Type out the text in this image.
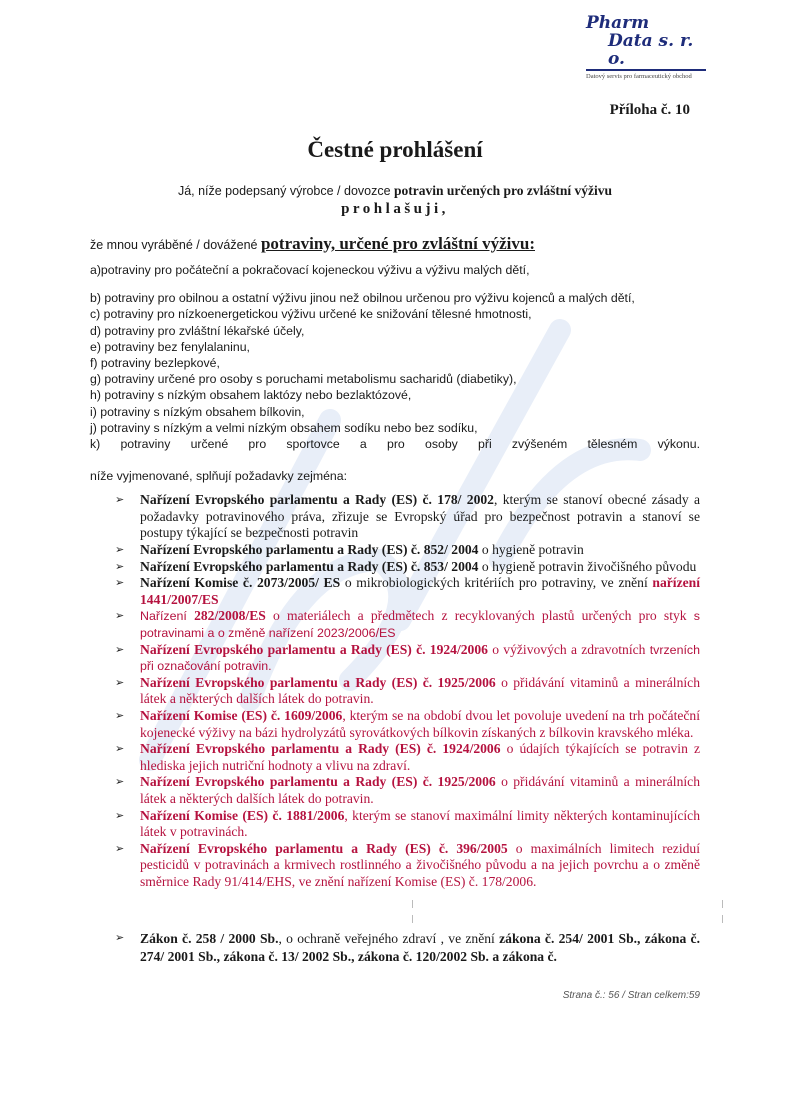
Pharm
Data s. r. o.
Datový servis pro farmaceutický obchod
Příloha č. 10
Čestné prohlášení
Já, níže podepsaný výrobce / dovozce potravin určených pro zvláštní výživu
prohlašuji,
že mnou vyráběné / dovážené potraviny, určené pro zvláštní výživu:
a)potraviny pro počáteční a pokračovací kojeneckou výživu a výživu malých dětí,
b) potraviny pro obilnou a ostatní výživu jinou než obilnou určenou pro výživu kojenců a malých dětí,
c) potraviny pro nízkoenergetickou výživu určené ke snižování tělesné hmotnosti,
d) potraviny pro zvláštní lékařské účely,
e) potraviny bez fenylalaninu,
f) potraviny bezlepkové,
g) potraviny určené pro osoby s poruchami metabolismu sacharidů (diabetiky),
h) potraviny s nízkým obsahem laktózy nebo bezlaktózové,
i) potraviny s nízkým obsahem bílkovin,
j) potraviny s nízkým a velmi nízkým obsahem sodíku nebo bez sodíku,
k) potraviny určené pro sportovce a pro osoby při zvýšeném tělesném výkonu.
níže vyjmenované, splňují požadavky zejména:
➢ Nařízení Evropského parlamentu a Rady (ES) č. 178/ 2002, kterým se stanoví obecné zásady a požadavky potravinového práva, zřizuje se Evropský úřad pro bezpečnost potravin a stanoví se postupy týkající se bezpečnosti potravin
➢ Nařízení Evropského parlamentu a Rady (ES) č. 852/ 2004 o hygieně potravin
➢ Nařízení Evropského parlamentu a Rady (ES) č. 853/ 2004 o hygieně potravin živočišného původu
➢ Nařízení Komise č. 2073/2005/ ES o mikrobiologických kritériích pro potraviny, ve znění nařízení 1441/2007/ES
➢ Nařízení 282/2008/ES o materiálech a předmětech z recyklovaných plastů určených pro styk s potravinami a o změně nařízení 2023/2006/ES
➢ Nařízení Evropského parlamentu a Rady (ES) č. 1924/2006 o výživových a zdravotních tvrzeních při označování potravin.
➢ Nařízení Evropského parlamentu a Rady (ES) č. 1925/2006 o přidávání vitaminů a minerálních látek a některých dalších látek do potravin.
➢ Nařízení Komise (ES) č. 1609/2006, kterým se na období dvou let povoluje uvedení na trh počáteční kojenecké výživy na bázi hydrolyzátů syrovátkových bílkovin získaných z bílkovin kravského mléka.
➢ Nařízení Evropského parlamentu a Rady (ES) č. 1924/2006 o údajích týkajících se potravin z hlediska jejich nutriční hodnoty a vlivu na zdraví.
➢ Nařízení Evropského parlamentu a Rady (ES) č. 1925/2006 o přidávání vitaminů a minerálních látek a některých dalších látek do potravin.
➢ Nařízení Komise (ES) č. 1881/2006, kterým se stanoví maximální limity některých kontaminujících látek v potravinách.
➢ Nařízení Evropského parlamentu a Rady (ES) č. 396/2005 o maximálních limitech reziduí pesticidů v potravinách a krmivech rostlinného a živočišného původu a na jejich povrchu a o změně směrnice Rady 91/414/EHS, ve znění nařízení Komise (ES) č. 178/2006.
➢ Zákon č. 258 / 2000 Sb., o ochraně veřejného zdraví , ve znění zákona č. 254/ 2001 Sb., zákona č. 274/ 2001 Sb., zákona č. 13/ 2002 Sb., zákona č. 120/2002 Sb. a zákona č.
Strana č.: 56 / Stran celkem:59
